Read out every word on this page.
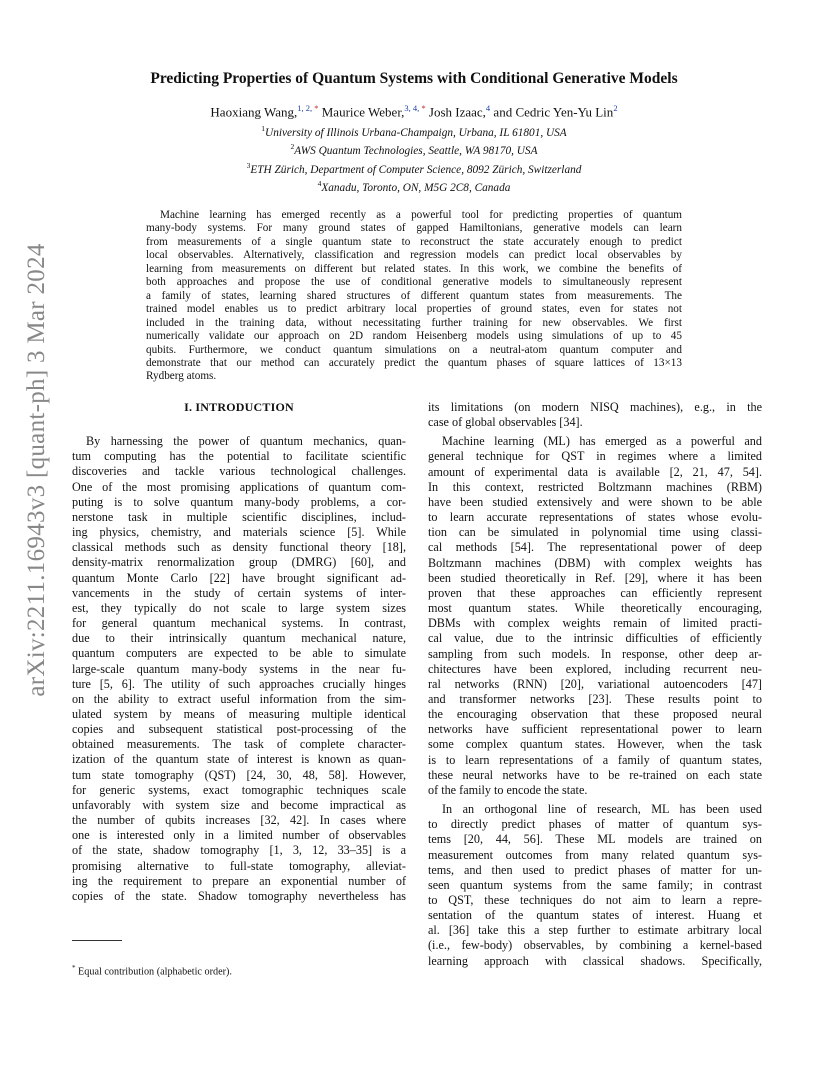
arXiv:2211.16943v3 [quant-ph] 3 Mar 2024
Predicting Properties of Quantum Systems with Conditional Generative Models
Haoxiang Wang,$^{1, 2,}$ * Maurice Weber,$^{3, 4,}$ * Josh Izaac,$^4$ and Cedric Yen-Yu Lin$^2$
$^1$University of Illinois Urbana-Champaign, Urbana, IL 61801, USA
$^2$AWS Quantum Technologies, Seattle, WA 98170, USA
$^3$ETH Zürich, Department of Computer Science, 8092 Zürich, Switzerland
$^4$Xanadu, Toronto, ON, M5G 2C8, Canada
Machine learning has emerged recently as a powerful tool for predicting properties of quantum
many-body systems. For many ground states of gapped Hamiltonians, generative models can learn
from measurements of a single quantum state to reconstruct the state accurately enough to predict
local observables. Alternatively, classification and regression models can predict local observables by
learning from measurements on different but related states. In this work, we combine the benefits of
both approaches and propose the use of conditional generative models to simultaneously represent
a family of states, learning shared structures of different quantum states from measurements. The
trained model enables us to predict arbitrary local properties of ground states, even for states not
included in the training data, without necessitating further training for new observables. We first
numerically validate our approach on 2D random Heisenberg models using simulations of up to 45
qubits. Furthermore, we conduct quantum simulations on a neutral-atom quantum computer and
demonstrate that our method can accurately predict the quantum phases of square lattices of 13×13
Rydberg atoms.
I. INTRODUCTION
By harnessing the power of quantum mechanics, quan-
tum computing has the potential to facilitate scientific
discoveries and tackle various technological challenges.
One of the most promising applications of quantum com-
puting is to solve quantum many-body problems, a cor-
nerstone task in multiple scientific disciplines, includ-
ing physics, chemistry, and materials science [5]. While
classical methods such as density functional theory [18],
density-matrix renormalization group (DMRG) [60], and
quantum Monte Carlo [22] have brought significant ad-
vancements in the study of certain systems of inter-
est, they typically do not scale to large system sizes
for general quantum mechanical systems. In contrast,
due to their intrinsically quantum mechanical nature,
quantum computers are expected to be able to simulate
large-scale quantum many-body systems in the near fu-
ture [5, 6]. The utility of such approaches crucially hinges
on the ability to extract useful information from the sim-
ulated system by means of measuring multiple identical
copies and subsequent statistical post-processing of the
obtained measurements. The task of complete character-
ization of the quantum state of interest is known as quan-
tum state tomography (QST) [24, 30, 48, 58]. However,
for generic systems, exact tomographic techniques scale
unfavorably with system size and become impractical as
the number of qubits increases [32, 42]. In cases where
one is interested only in a limited number of observables
of the state, shadow tomography [1, 3, 12, 33–35] is a
promising alternative to full-state tomography, alleviat-
ing the requirement to prepare an exponential number of
copies of the state. Shadow tomography nevertheless has
its limitations (on modern NISQ machines), e.g., in the
case of global observables [34].
Machine learning (ML) has emerged as a powerful and
general technique for QST in regimes where a limited
amount of experimental data is available [2, 21, 47, 54].
In this context, restricted Boltzmann machines (RBM)
have been studied extensively and were shown to be able
to learn accurate representations of states whose evolu-
tion can be simulated in polynomial time using classi-
cal methods [54]. The representational power of deep
Boltzmann machines (DBM) with complex weights has
been studied theoretically in Ref. [29], where it has been
proven that these approaches can efficiently represent
most quantum states. While theoretically encouraging,
DBMs with complex weights remain of limited practi-
cal value, due to the intrinsic difficulties of efficiently
sampling from such models. In response, other deep ar-
chitectures have been explored, including recurrent neu-
ral networks (RNN) [20], variational autoencoders [47]
and transformer networks [23]. These results point to
the encouraging observation that these proposed neural
networks have sufficient representational power to learn
some complex quantum states. However, when the task
is to learn representations of a family of quantum states,
these neural networks have to be re-trained on each state
of the family to encode the state.
In an orthogonal line of research, ML has been used
to directly predict phases of matter of quantum sys-
tems [20, 44, 56]. These ML models are trained on
measurement outcomes from many related quantum sys-
tems, and then used to predict phases of matter for un-
seen quantum systems from the same family; in contrast
to QST, these techniques do not aim to learn a repre-
sentation of the quantum states of interest. Huang et
al. [36] take this a step further to estimate arbitrary local
(i.e., few-body) observables, by combining a kernel-based
learning approach with classical shadows. Specifically,
* Equal contribution (alphabetic order).
